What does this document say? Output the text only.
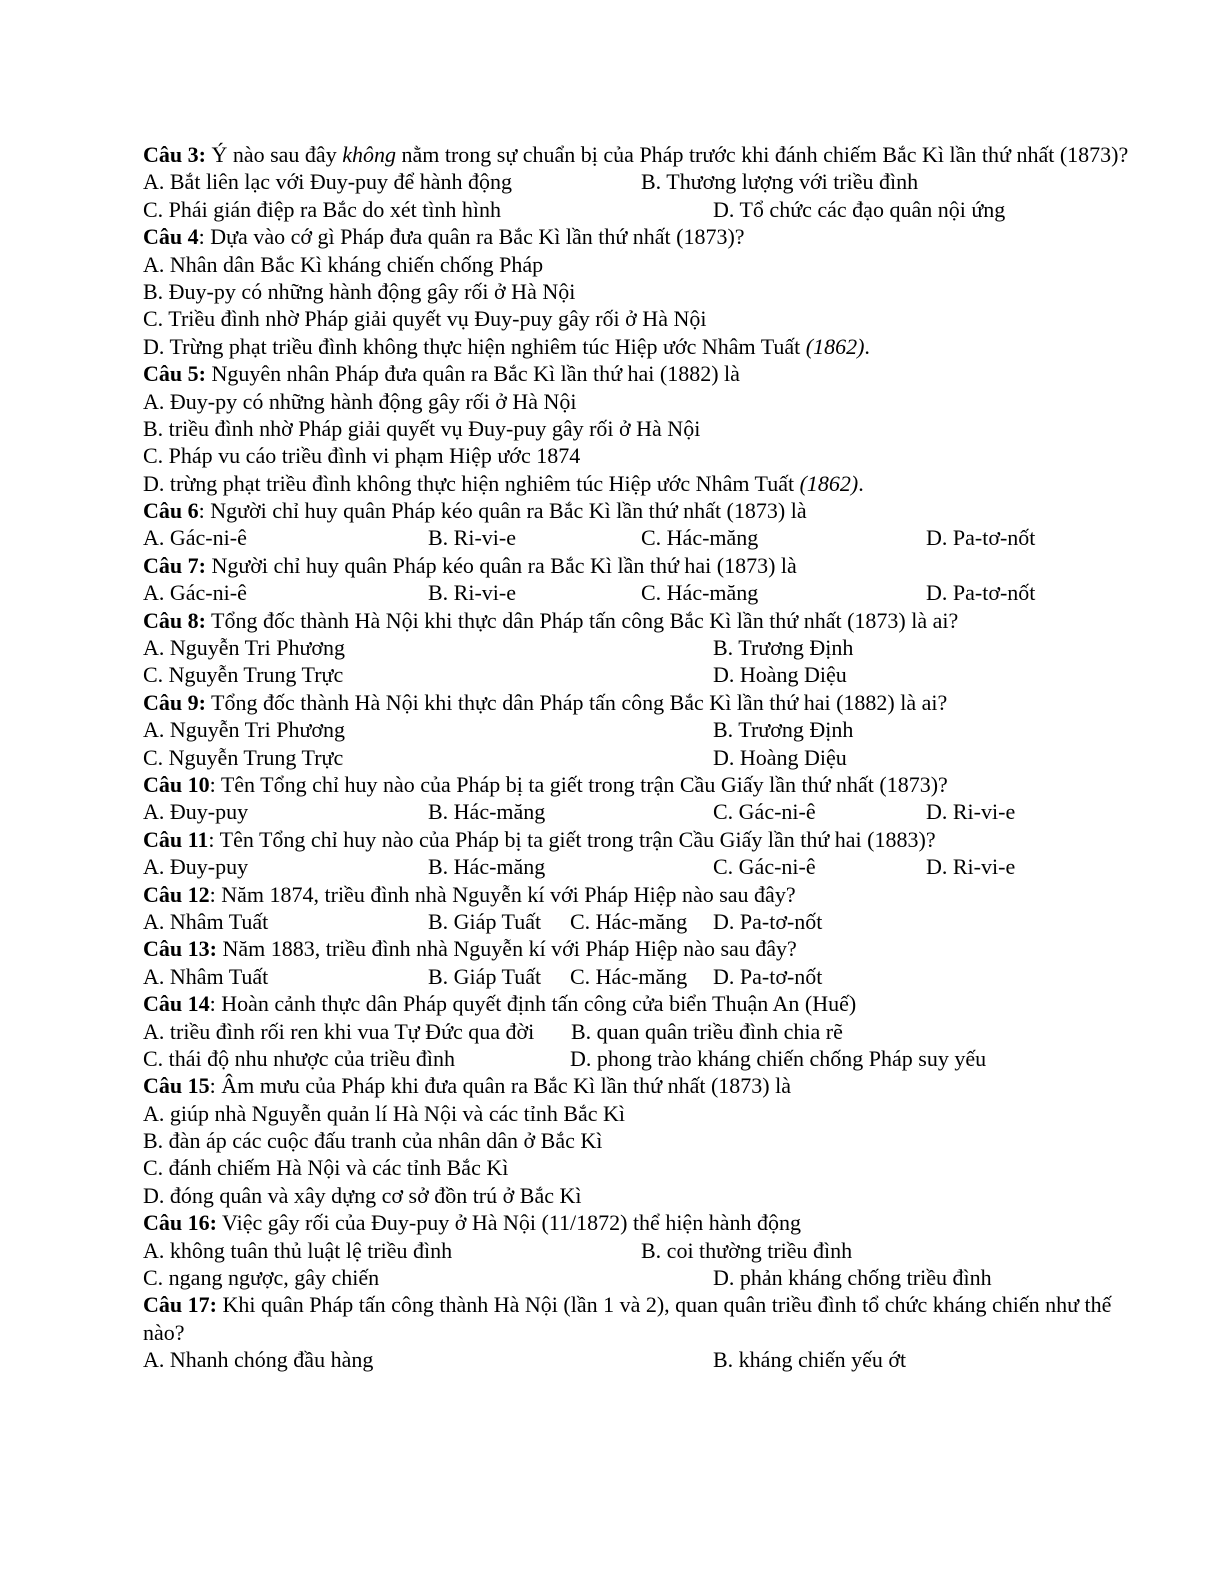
Câu 3: Ý nào sau đây không nằm trong sự chuẩn bị của Pháp trước khi đánh chiếm Bắc Kì lần thứ nhất (1873)?
A. Bắt liên lạc với Đuy-puy để hành động	B. Thương lượng với triều đình
C. Phái gián điệp ra Bắc do xét tình hình	D. Tổ chức các đạo quân nội ứng
Câu 4: Dựa vào cớ gì Pháp đưa quân ra Bắc Kì lần thứ nhất (1873)?
A. Nhân dân Bắc Kì kháng chiến chống Pháp
B. Đuy-py có những hành động gây rối ở Hà Nội
C. Triều đình nhờ Pháp giải quyết vụ Đuy-puy gây rối ở Hà Nội
D. Trừng phạt triều đình không thực hiện nghiêm túc Hiệp ước Nhâm Tuất (1862).
Câu 5: Nguyên nhân Pháp đưa quân ra Bắc Kì lần thứ hai (1882) là
A. Đuy-py có những hành động gây rối ở Hà Nội
B. triều đình nhờ Pháp giải quyết vụ Đuy-puy gây rối ở Hà Nội
C. Pháp vu cáo triều đình vi phạm Hiệp ước 1874
D. trừng phạt triều đình không thực hiện nghiêm túc Hiệp ước Nhâm Tuất (1862).
Câu 6: Người chỉ huy quân Pháp kéo quân ra Bắc Kì lần thứ nhất (1873) là
A. Gác-ni-ê	B. Ri-vi-e	C. Hác-măng	D. Pa-tơ-nốt
Câu 7: Người chỉ huy quân Pháp kéo quân ra Bắc Kì lần thứ hai (1873) là
A. Gác-ni-ê	B. Ri-vi-e	C. Hác-măng	D. Pa-tơ-nốt
Câu 8: Tổng đốc thành Hà Nội khi thực dân Pháp tấn công Bắc Kì lần thứ nhất (1873) là ai?
A. Nguyễn Tri Phương	B. Trương Định
C. Nguyễn Trung Trực	D. Hoàng Diệu
Câu 9: Tổng đốc thành Hà Nội khi thực dân Pháp tấn công Bắc Kì lần thứ hai (1882) là ai?
A. Nguyễn Tri Phương	B. Trương Định
C. Nguyễn Trung Trực	D. Hoàng Diệu
Câu 10: Tên Tổng chỉ huy nào của Pháp bị ta giết trong trận Cầu Giấy lần thứ nhất (1873)?
A. Đuy-puy	B. Hác-măng	C. Gác-ni-ê	D. Ri-vi-e
Câu 11: Tên Tổng chỉ huy nào của Pháp bị ta giết trong trận Cầu Giấy lần thứ hai (1883)?
A. Đuy-puy	B. Hác-măng	C. Gác-ni-ê	D. Ri-vi-e
Câu 12: Năm 1874, triều đình nhà Nguyễn kí với Pháp Hiệp nào sau đây?
A. Nhâm Tuất	B. Giáp Tuất C. Hác-măng D. Pa-tơ-nốt
Câu 13: Năm 1883, triều đình nhà Nguyễn kí với Pháp Hiệp nào sau đây?
A. Nhâm Tuất	B. Giáp Tuất C. Hác-măng D. Pa-tơ-nốt
Câu 14: Hoàn cảnh thực dân Pháp quyết định tấn công cửa biển Thuận An (Huế)
A. triều đình rối ren khi vua Tự Đức qua đời B. quan quân triều đình chia rẽ
C. thái độ nhu nhược của triều đình	D. phong trào kháng chiến chống Pháp suy yếu
Câu 15: Âm mưu của Pháp khi đưa quân ra Bắc Kì lần thứ nhất (1873) là
A. giúp nhà Nguyễn quản lí Hà Nội và các tỉnh Bắc Kì
B. đàn áp các cuộc đấu tranh của nhân dân ở Bắc Kì
C. đánh chiếm Hà Nội và các tỉnh Bắc Kì
D. đóng quân và xây dựng cơ sở đồn trú ở Bắc Kì
Câu 16: Việc gây rối của Đuy-puy ở Hà Nội (11/1872) thể hiện hành động
A. không tuân thủ luật lệ triều đình	B. coi thường triều đình
C. ngang ngược, gây chiến	D. phản kháng chống triều đình
Câu 17: Khi quân Pháp tấn công thành Hà Nội (lần 1 và 2), quan quân triều đình tổ chức kháng chiến như thế nào?
A. Nhanh chóng đầu hàng	B. kháng chiến yếu ớt
